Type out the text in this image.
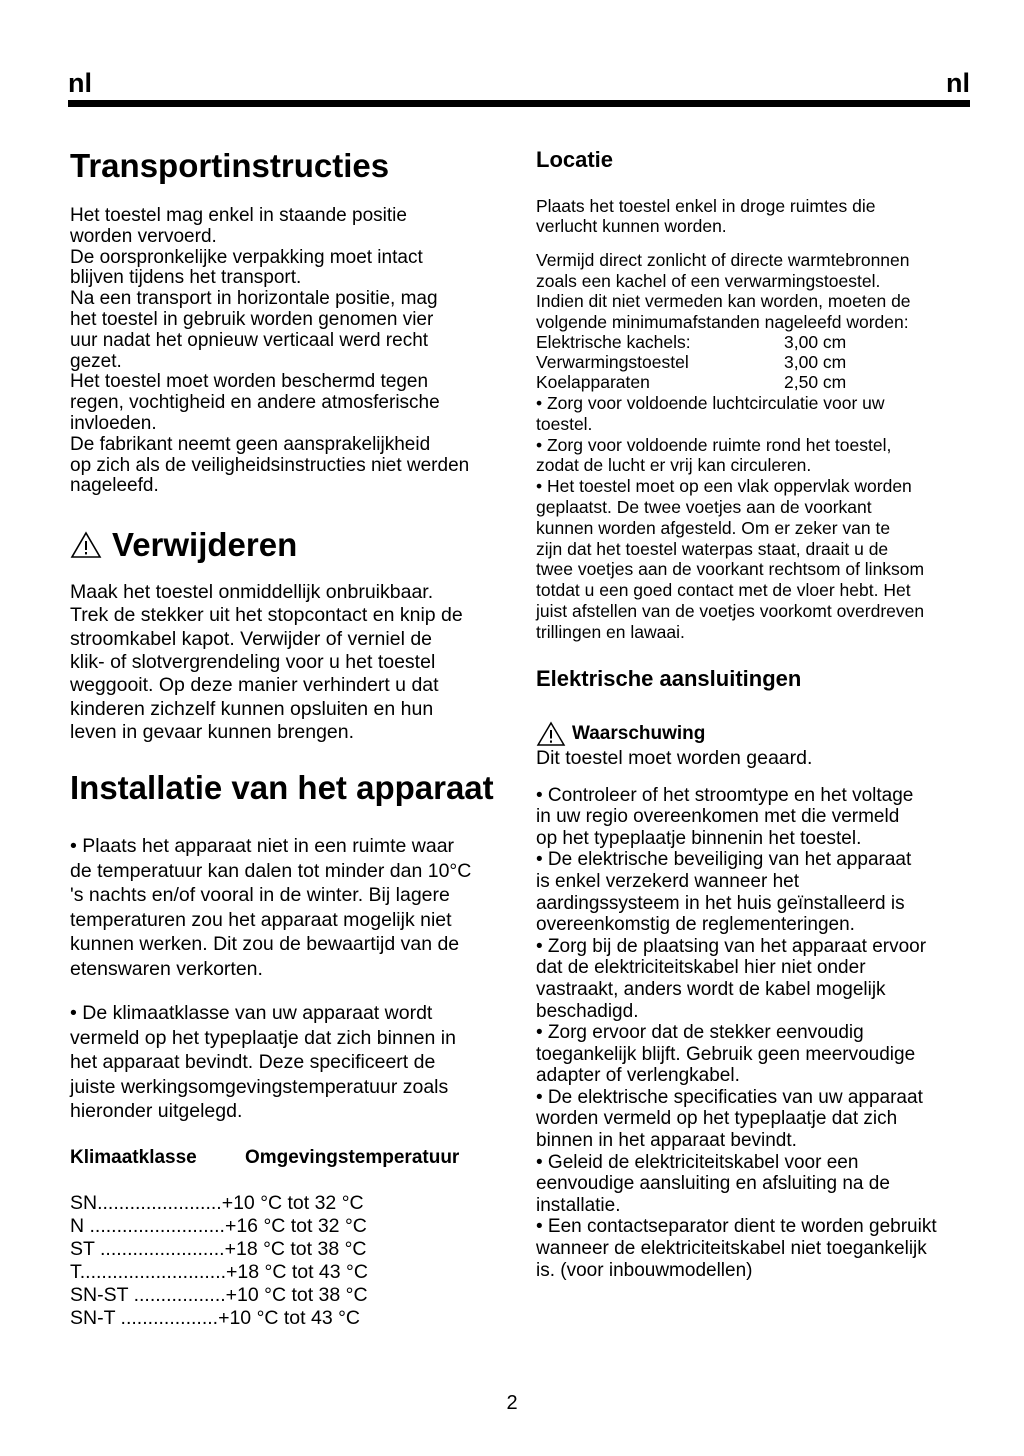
nl	nl
Transportinstructies

Het toestel mag enkel in staande positie
worden vervoerd.
De oorspronkelijke verpakking moet intact
blijven tijdens het transport.
Na een transport in horizontale positie, mag
het toestel in gebruik worden genomen vier
uur nadat het opnieuw verticaal werd recht
gezet.
Het toestel moet worden beschermd tegen
regen, vochtigheid en andere atmosferische
invloeden.
De fabrikant neemt geen aansprakelijkheid
op zich als de veiligheidsinstructies niet werden
nageleefd.

Verwijderen

Maak het toestel onmiddellijk onbruikbaar.
Trek de stekker uit het stopcontact en knip de
stroomkabel kapot. Verwijder of verniel de
klik- of slotvergrendeling voor u het toestel
weggooit. Op deze manier verhindert u dat
kinderen zichzelf kunnen opsluiten en hun
leven in gevaar kunnen brengen.

Installatie van het apparaat

• Plaats het apparaat niet in een ruimte waar
de temperatuur kan dalen tot minder dan 10°C
's nachts en/of vooral in de winter. Bij lagere
temperaturen zou het apparaat mogelijk niet
kunnen werken. Dit zou de bewaartijd van de
etenswaren verkorten.

• De klimaatklasse van uw apparaat wordt
vermeld op het typeplaatje dat zich binnen in
het apparaat bevindt. Deze specificeert de
juiste werkingsomgevingstemperatuur zoals
hieronder uitgelegd.

Klimaatklasse	Omgevingstemperatuur
SN.......................+10 °C tot 32 °C
N .........................+16 °C tot 32 °C
ST .......................+18 °C tot 38 °C
T...........................+18 °C tot 43 °C
SN-ST .................+10 °C tot 38 °C
SN-T ..................+10 °C tot 43 °C
Locatie

Plaats het toestel enkel in droge ruimtes die
verlucht kunnen worden.

Vermijd direct zonlicht of directe warmtebronnen
zoals een kachel of een verwarmingstoestel.
Indien dit niet vermeden kan worden, moeten de
volgende minimumafstanden nageleefd worden:

Elektrische kachels:	3,00 cm
Verwarmingstoestel	3,00 cm
Koelapparaten	2,50 cm

• Zorg voor voldoende luchtcirculatie voor uw
toestel.
• Zorg voor voldoende ruimte rond het toestel,
zodat de lucht er vrij kan circuleren.
• Het toestel moet op een vlak oppervlak worden
geplaatst. De twee voetjes aan de voorkant
kunnen worden afgesteld. Om er zeker van te
zijn dat het toestel waterpas staat, draait u de
twee voetjes aan de voorkant rechtsom of linksom
totdat u een goed contact met de vloer hebt. Het
juist afstellen van de voetjes voorkomt overdreven
trillingen en lawaai.

Elektrische aansluitingen
Waarschuwing

Dit toestel moet worden geaard.

• Controleer of het stroomtype en het voltage
in uw regio overeenkomen met die vermeld
op het typeplaatje binnenin het toestel.
• De elektrische beveiliging van het apparaat
is enkel verzekerd wanneer het
aardingssysteem in het huis geïnstalleerd is
overeenkomstig de reglementeringen.
• Zorg bij de plaatsing van het apparaat ervoor
dat de elektriciteitskabel hier niet onder
vastraakt, anders wordt de kabel mogelijk
beschadigd.
• Zorg ervoor dat de stekker eenvoudig
toegankelijk blijft. Gebruik geen meervoudige
adapter of verlengkabel.
• De elektrische specificaties van uw apparaat
worden vermeld op het typeplaatje dat zich
binnen in het apparaat bevindt.
• Geleid de elektriciteitskabel voor een
eenvoudige aansluiting en afsluiting na de
installatie.
• Een contactseparator dient te worden gebruikt
wanneer de elektriciteitskabel niet toegankelijk
is. (voor inbouwmodellen)

2
